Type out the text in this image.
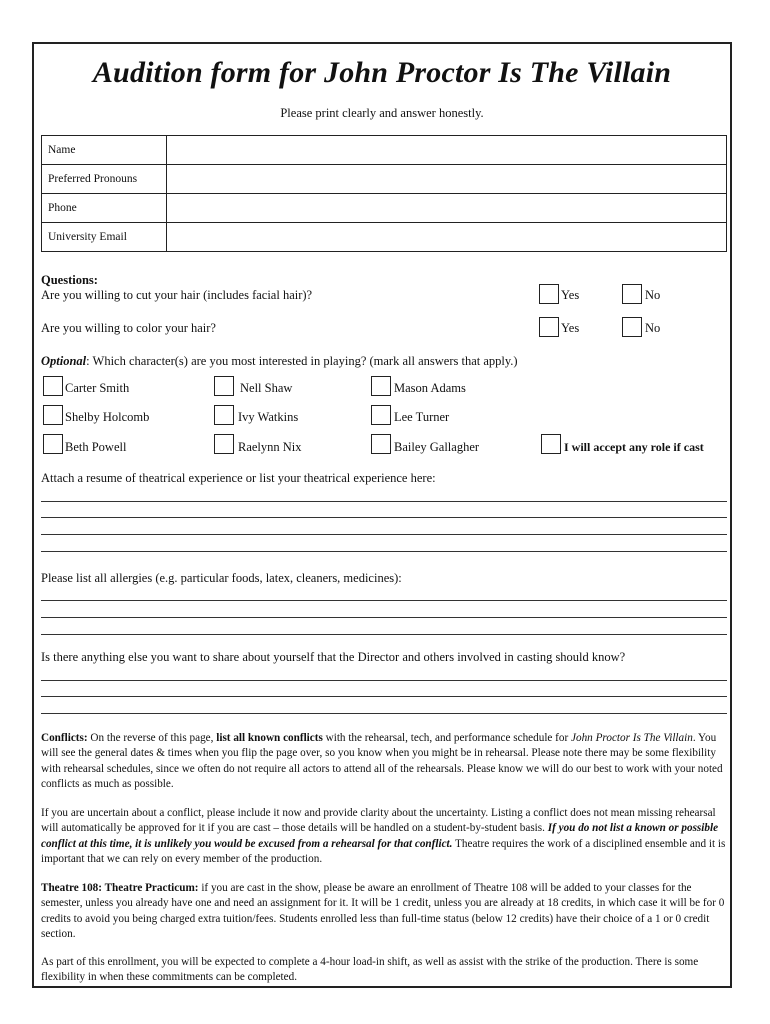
Audition form for John Proctor Is The Villain
Please print clearly and answer honestly.
Name	
Preferred Pronouns	
Phone	
University Email	
Questions:
Are you willing to cut your hair (includes facial hair)?	Yes	No
Are you willing to color your hair?	Yes	No
Optional: Which character(s) are you most interested in playing? (mark all answers that apply.)
Carter Smith	Nell Shaw	Mason Adams
Shelby Holcomb	Ivy Watkins	Lee Turner
Beth Powell	Raelynn Nix	Bailey Gallagher	I will accept any role if cast
Attach a resume of theatrical experience or list your theatrical experience here:
Please list all allergies (e.g. particular foods, latex, cleaners, medicines):
Is there anything else you want to share about yourself that the Director and others involved in casting should know?
Conflicts: On the reverse of this page, list all known conflicts with the rehearsal, tech, and performance schedule for John Proctor Is The Villain. You will see the general dates & times when you flip the page over, so you know when you might be in rehearsal. Please note there may be some flexibility with rehearsal schedules, since we often do not require all actors to attend all of the rehearsals. Please know we will do our best to work with your noted conflicts as much as possible.
If you are uncertain about a conflict, please include it now and provide clarity about the uncertainty. Listing a conflict does not mean missing rehearsal will automatically be approved for it if you are cast – those details will be handled on a student-by-student basis. If you do not list a known or possible conflict at this time, it is unlikely you would be excused from a rehearsal for that conflict. Theatre requires the work of a disciplined ensemble and it is important that we can rely on every member of the production.
Theatre 108: Theatre Practicum: if you are cast in the show, please be aware an enrollment of Theatre 108 will be added to your classes for the semester, unless you already have one and need an assignment for it. It will be 1 credit, unless you are already at 18 credits, in which case it will be for 0 credits to avoid you being charged extra tuition/fees. Students enrolled less than full-time status (below 12 credits) have their choice of a 1 or 0 credit section.
As part of this enrollment, you will be expected to complete a 4-hour load-in shift, as well as assist with the strike of the production. There is some flexibility in when these commitments can be completed.
